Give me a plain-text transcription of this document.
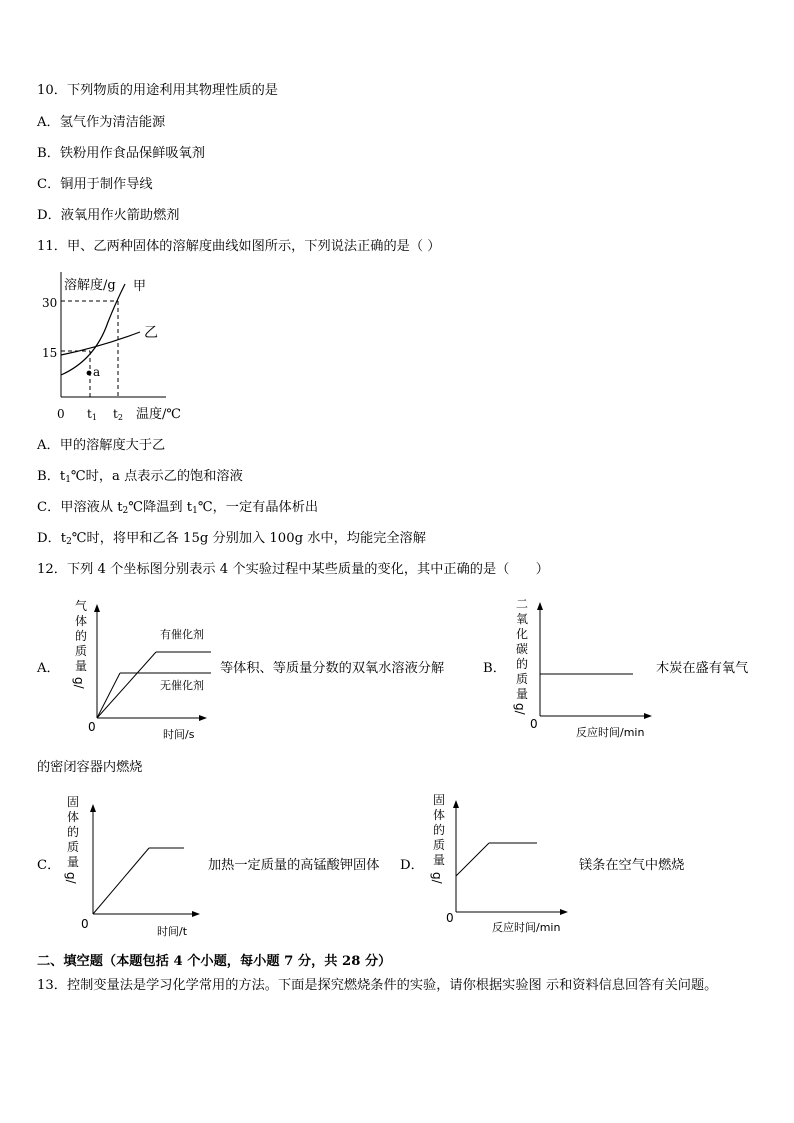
10．下列物质的用途利用其物理性质的是
A．氢气作为清洁能源
B．铁粉用作食品保鲜吸氧剂
C．铜用于制作导线
D．液氧用作火箭助燃剂
11．甲、乙两种固体的溶解度曲线如图所示，下列说法正确的是（ ）
溶解度/g
温度/℃
0
30
15
t1 t2
甲
乙
a
A．甲的溶解度大于乙
B．$t_1℃$时，a 点表示乙的饱和溶液
C．甲溶液从 $t_2℃$降温到 $t_1℃$，一定有晶体析出
D．$t_2℃$时，将甲和乙各 15g 分别加入 100g 水中，均能完全溶解
12．下列 4 个坐标图分别表示 4 个实验过程中某些质量的变化，其中正确的是（　　）
A．
气
体
的
质
量
g/
0
时间/s
有催化剂
无催化剂
等体积、等质量分数的双氧水溶液分解	B．
二
氧
化
碳
的
质
量
g/
0
反应时间/min
木炭在盛有氧气
的密闭容器内燃烧
C．
固
体
的
质
量
g/
0
时间/t
加热一定质量的高锰酸钾固体 D．
固
体
的
质
量
g/
0
反应时间/min
镁条在空气中燃烧
二、填空题（本题包括 4 个小题，每小题 7 分，共 28 分）
13．控制变量法是学习化学常用的方法。下面是探究燃烧条件的实验，请你根据实验图 示和资料信息回答有关问题。
